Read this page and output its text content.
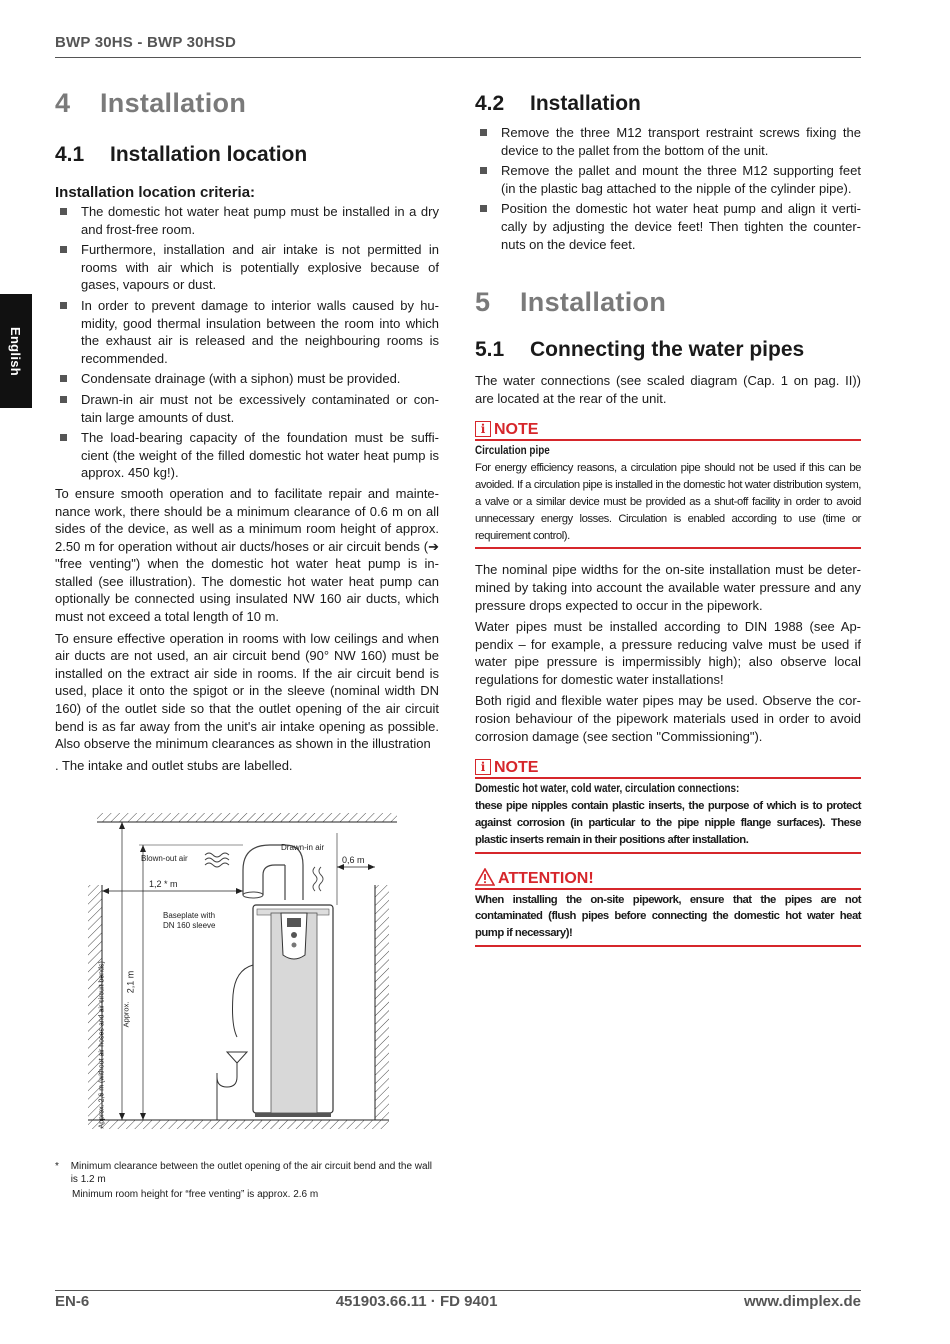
BWP 30HS - BWP 30HSD
English
4	Installation
4.1	Installation location
Installation location criteria:
The domestic hot water heat pump must be installed in a dry and frost-free room.
Furthermore, installation and air intake is not permitted in rooms with air which is potentially explosive because of gases, vapours or dust.
In order to prevent damage to interior walls caused by hu-midity, good thermal insulation between the room into which the exhaust air is released and the neighbouring rooms is recommended.
Condensate drainage (with a siphon) must be provided.
Drawn-in air must not be excessively contaminated or con-tain large amounts of dust.
The load-bearing capacity of the foundation must be suffi-cient (the weight of the filled domestic hot water heat pump is approx. 450 kg!).

To ensure smooth operation and to facilitate repair and mainte-nance work, there should be a minimum clearance of 0.6 m on all sides of the device, as well as a minimum room height of approx. 2.50 m for operation without air ducts/hoses or air circuit bends (➔ "free venting") when the domestic hot water heat pump is in-stalled (see illustration). The domestic hot water heat pump can optionally be connected using insulated NW 160 air ducts, which must not exceed a total length of 10 m.

To ensure effective operation in rooms with low ceilings and when air ducts are not used, an air circuit bend (90° NW 160) must be installed on the extract air side in rooms. If the air circuit bend is used, place it onto the spigot or in the sleeve (nominal width DN 160) of the outlet side so that the outlet opening of the air circuit bend is as far away from the unit's air intake opening as possible. Also observe the minimum clearances as shown in the illustration

. The intake and outlet stubs are labelled.

Blown-out air
Drawn-in air
0,6 m
1,2 * m
Baseplate with
DN 160 sleeve
Approx. 2,6 m (without air hoses and air circuit bends) Approx.
2,1 m
*	Minimum clearance between the outlet opening of the air circuit bend and the wall is 1.2 m
Minimum room height for “free venting” is approx. 2.6 m
4.2	Installation
Remove the three M12 transport restraint screws fixing the device to the pallet from the bottom of the unit.
Remove the pallet and mount the three M12 supporting feet (in the plastic bag attached to the nipple of the cylinder pipe).
Position the domestic hot water heat pump and align it verti-cally by adjusting the device feet! Then tighten the counter-nuts on the device feet.
5	Installation
5.1	Connecting the water pipes

The water connections (see scaled diagram (Cap. 1 on pag. II)) are located at the rear of the unit.

i NOTE
Circulation pipe
For energy efficiency reasons, a circulation pipe should not be used if this can be avoided. If a circulation pipe is installed in the domestic hot water distribution system, a valve or a similar device must be provided as a shut-off facility in order to avoid unnecessary energy losses. Circulation is enabled according to use (time or requirement control).

The nominal pipe widths for the on-site installation must be deter-mined by taking into account the available water pressure and any pressure drops expected to occur in the pipework.

Water pipes must be installed according to DIN 1988 (see Ap-pendix – for example, a pressure reducing valve must be used if water pipe pressure is impermissibly high); also observe local regulations for domestic water installations!

Both rigid and flexible water pipes may be used. Observe the cor-rosion behaviour of the pipework materials used in order to avoid corrosion damage (see section "Commissioning").

i NOTE
Domestic hot water, cold water, circulation connections:
these pipe nipples contain plastic inserts, the purpose of which is to protect against corrosion (in particular to the pipe nipple flange surfaces). These plastic inserts remain in their positions after installation.
ATTENTION!
When installing the on-site pipework, ensure that the pipes are not contaminated (flush pipes before connecting the domestic hot water heat pump if necessary)!
EN-6	451903.66.11 · FD 9401	www.dimplex.de
